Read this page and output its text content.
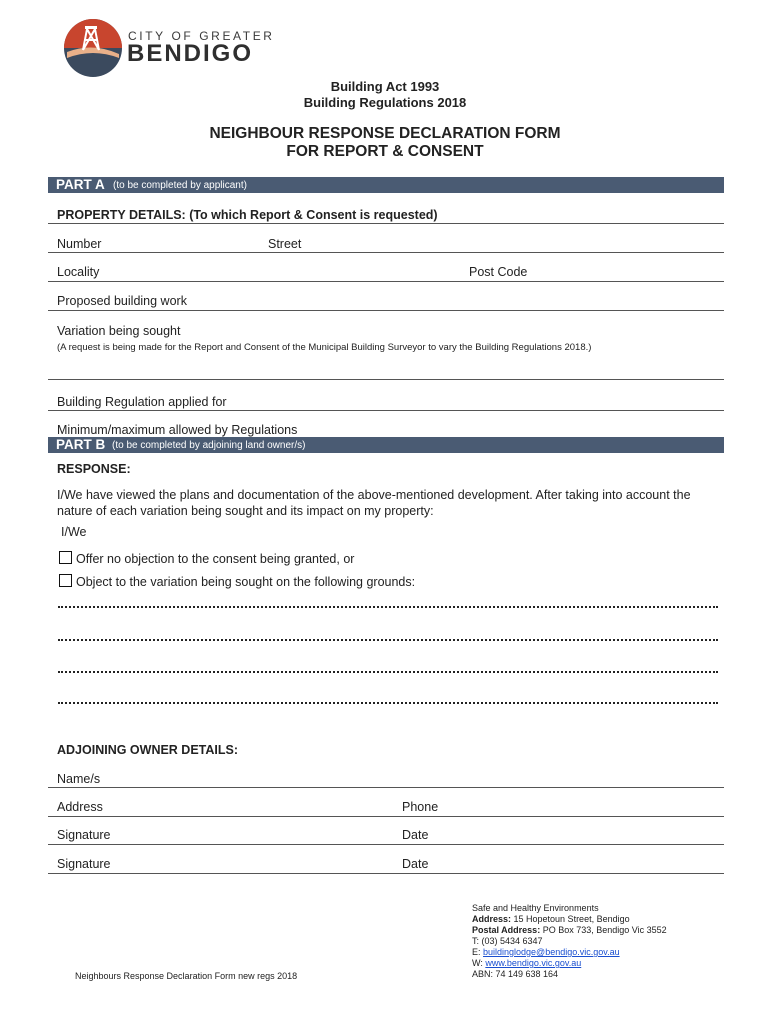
CITY OF GREATER
BENDIGO
Building Act 1993
Building Regulations 2018
NEIGHBOUR RESPONSE DECLARATION FORM
FOR REPORT & CONSENT
PART A (to be completed by applicant)
PROPERTY DETAILS: (To which Report & Consent is requested)
Number	Street
Locality	Post Code
Proposed building work
Variation being sought
(A request is being made for the Report and Consent of the Municipal Building Surveyor to vary the Building Regulations 2018.)
Building Regulation applied for
Minimum/maximum allowed by Regulations
PART B (to be completed by adjoining land owner/s)
RESPONSE:
I/We have viewed the plans and documentation of the above-mentioned development. After taking into account the
nature of each variation being sought and its impact on my property:
I/We
Offer no objection to the consent being granted, or
Object to the variation being sought on the following grounds:
ADJOINING OWNER DETAILS:
Name/s
Address	Phone
Signature	Date
Signature	Date
Safe and Healthy Environments
Address: 15 Hopetoun Street, Bendigo
Postal Address: PO Box 733, Bendigo Vic 3552
T: (03) 5434 6347
E: buildinglodge@bendigo.vic.gov.au
W: www.bendigo.vic.gov.au
ABN: 74 149 638 164
Neighbours Response Declaration Form new regs 2018
